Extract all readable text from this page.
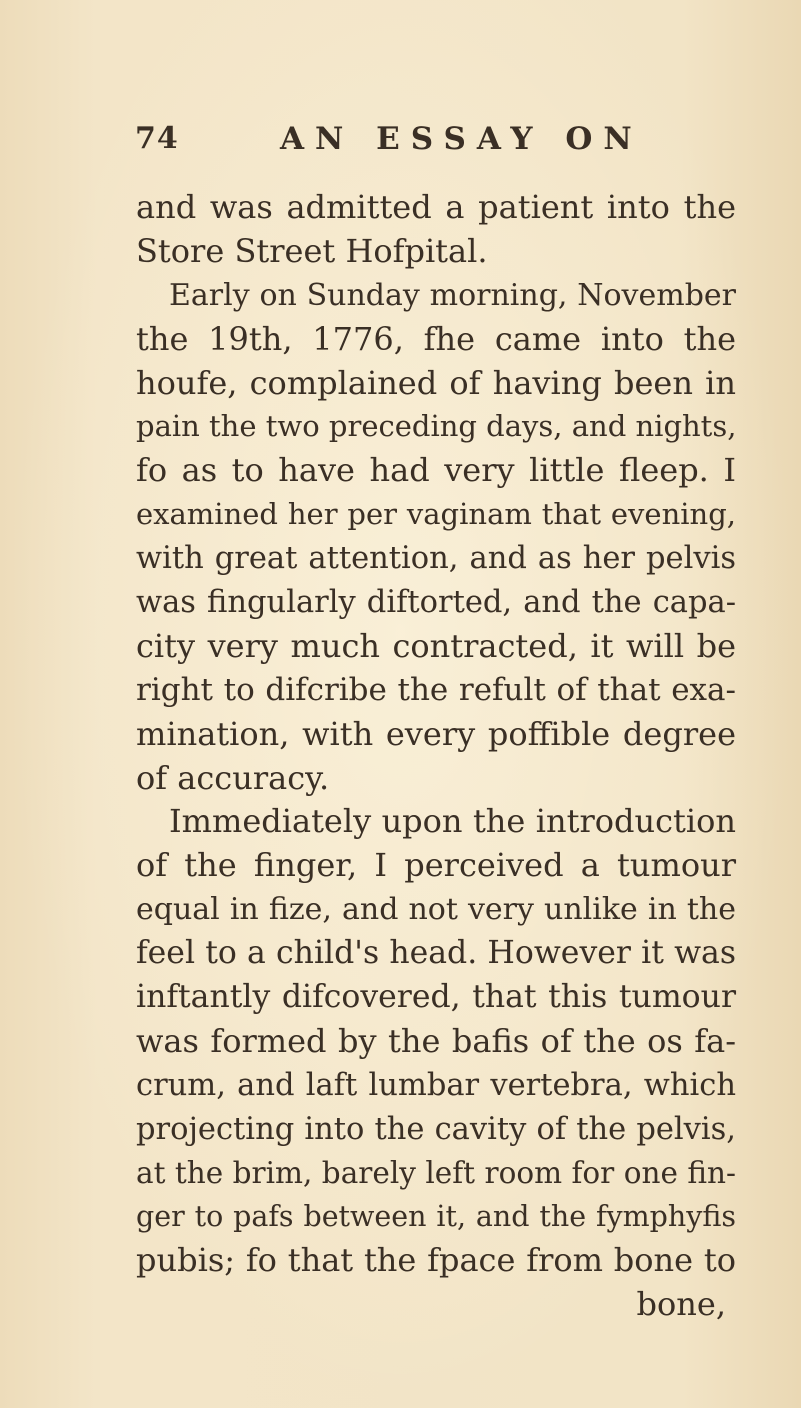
74	AN ESSAY ON
and was admitted a patient into the
Store Street Hofpital.
Early on Sunday morning, November
the 19th, 1776, fhe came into the
houfe, complained of having been in
pain the two preceding days, and nights,
fo as to have had very little fleep. I
examined her per vaginam that evening,
with great attention, and as her pelvis
was fingularly diftorted, and the capa-
city very much contracted, it will be
right to difcribe the refult of that exa-
mination, with every poffible degree
of accuracy.
Immediately upon the introduction
of the finger, I perceived a tumour
equal in fize, and not very unlike in the
feel to a child's head. However it was
inftantly difcovered, that this tumour
was formed by the bafis of the os fa-
crum, and laft lumbar vertebra, which
projecting into the cavity of the pelvis,
at the brim, barely left room for one fin-
ger to pafs between it, and the fymphyfis
pubis; fo that the fpace from bone to
bone,
